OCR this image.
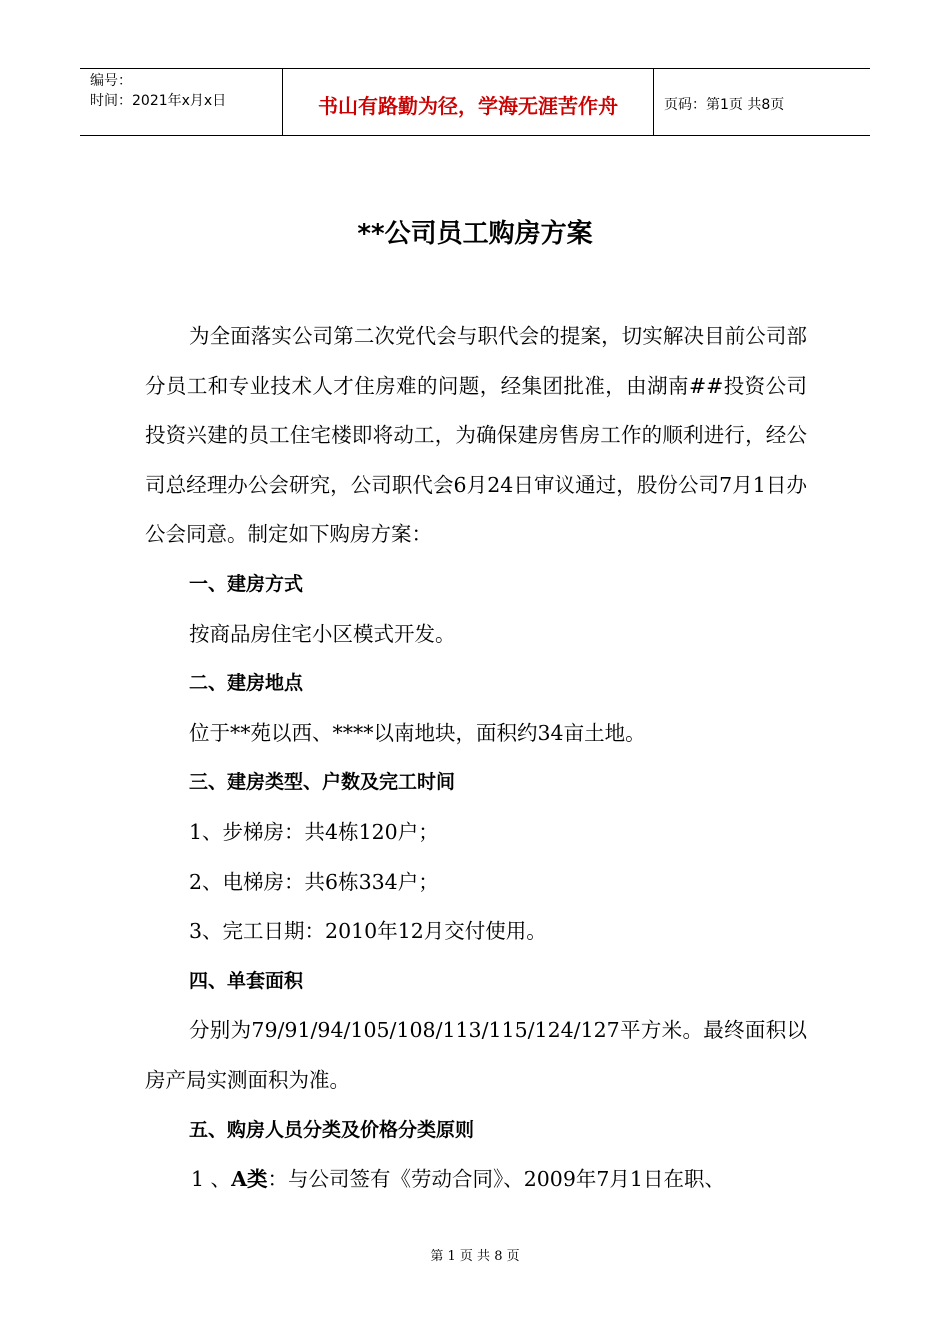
编号：
时间：2021年x月x日	书山有路勤为径，学海无涯苦作舟	页码：第1页 共8页
**公司员工购房方案
为全面落实公司第二次党代会与职代会的提案，切实解决目前公司部分员工和专业技术人才住房难的问题，经集团批准，由湖南##投资公司投资兴建的员工住宅楼即将动工，为确保建房售房工作的顺利进行，经公司总经理办公会研究，公司职代会6月24日审议通过，股份公司7月1日办公会同意。制定如下购房方案：
一、建房方式
按商品房住宅小区模式开发。
二、建房地点
位于**苑以西、****以南地块，面积约34亩土地。
三、建房类型、户数及完工时间
1、步梯房：共4栋120户；
2、电梯房：共6栋334户；
3、完工日期：2010年12月交付使用。
四、单套面积
分别为79/91/94/105/108/113/115/124/127平方米。最终面积以房产局实测面积为准。
五、购房人员分类及价格分类原则
1 、A类：与公司签有《劳动合同》、2009年7月1日在职、
第 1 页 共 8 页
